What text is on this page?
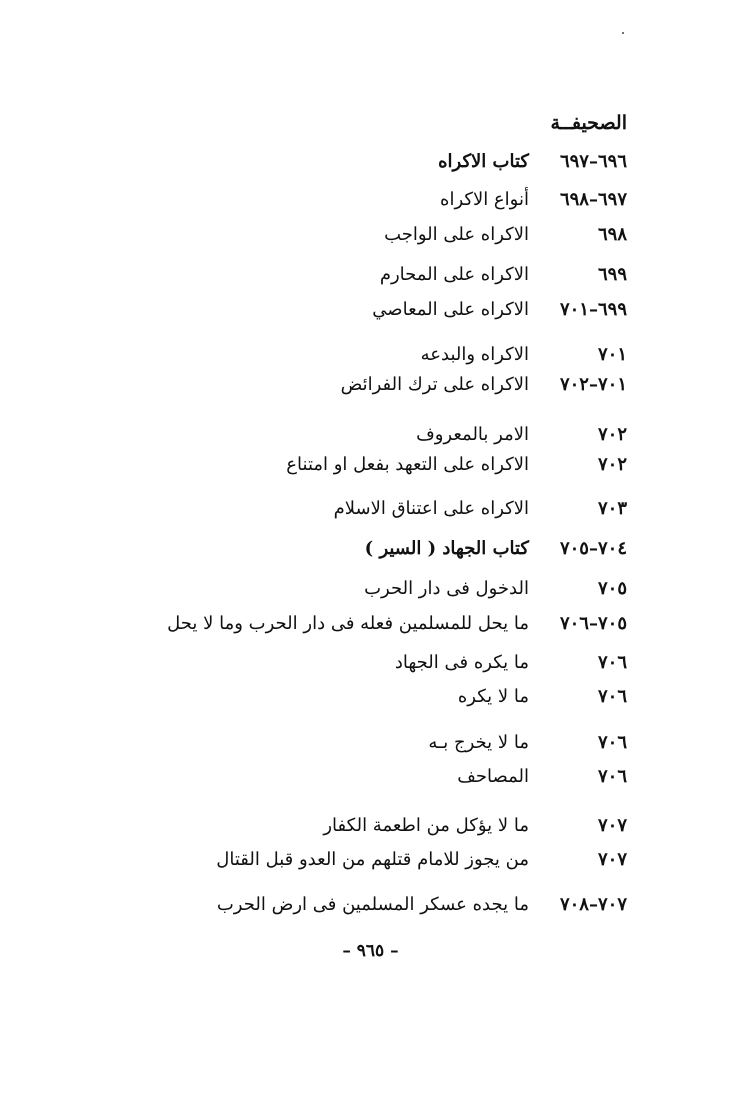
الصحيفــة
٦٩٦–٦٩٧
كتاب الاكراه
٦٩٧–٦٩٨
أنواع الاكراه
٦٩٨
الاكراه على الواجب
٦٩٩
الاكراه على المحارم
٦٩٩–٧٠١
الاكراه على المعاصي
٧٠١
الاكراه والبدعه
٧٠١–٧٠٢
الاكراه على ترك الفرائض
٧٠٢
الامر بالمعروف
٧٠٢
الاكراه على التعهد بفعل او امتناع
٧٠٣
الاكراه على اعتناق الاسلام
٧٠٤–٧٠٥
كتاب الجهاد ( السير )
٧٠٥
الدخول فى دار الحرب
٧٠٥–٧٠٦
ما يحل للمسلمين فعله فى دار الحرب وما لا يحل
٧٠٦
ما يكره فى الجهاد
٧٠٦
ما لا يكره
٧٠٦
ما لا يخرج بـه
٧٠٦
المصاحف
٧٠٧
ما لا يؤكل من اطعمة الكفار
٧٠٧
من يجوز للامام قتلهم من العدو قبل القتال
٧٠٧–٧٠٨
ما يجده عسكر المسلمين فى ارض الحرب
– ٩٦٥ –
